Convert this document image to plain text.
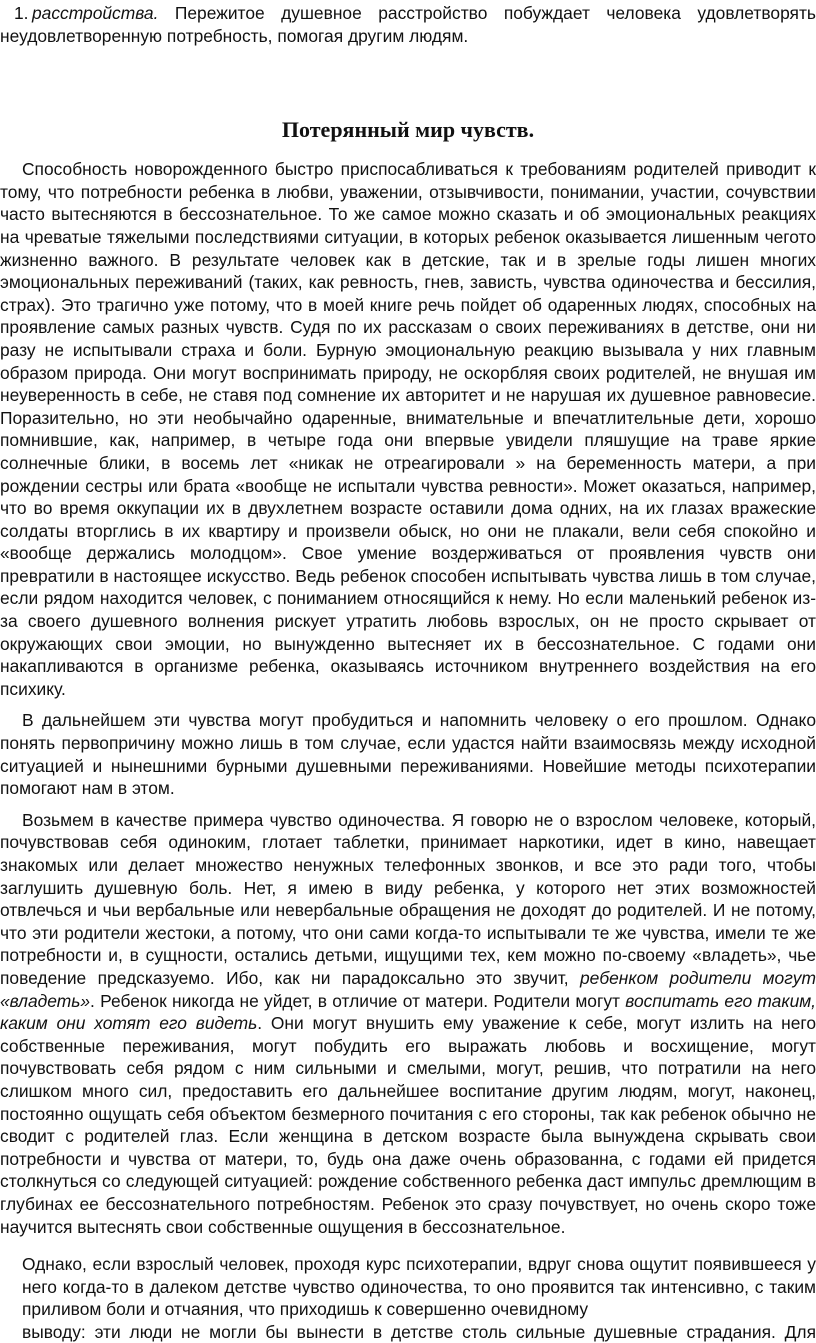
1. расстройства. Пережитое душевное расстройство побуждает человека удовлетворять неудовлетворенную потребность, помогая другим людям.

Потерянный мир чувств.

Способность новорожденного быстро приспосабливаться к требованиям родителей приводит к тому, что потребности ребенка в любви, уважении, отзывчивости, понимании, участии, сочувствии часто вытесняются в бессознательное. То же самое можно сказать и об эмоциональных реакциях на чреватые тяжелыми последствиями ситуации, в которых ребенок оказывается лишенным чегото жизненно важного. В результате человек как в детские, так и в зрелые годы лишен многих эмоциональных переживаний (таких, как ревность, гнев, зависть, чувства одиночества и бессилия, страх). Это трагично уже потому, что в моей книге речь пойдет об одаренных людях, способных на проявление самых разных чувств. Судя по их рассказам о своих переживаниях в детстве, они ни разу не испытывали страха и боли. Бурную эмоциональную реакцию вызывала у них главным образом природа. Они могут воспринимать природу, не оскорбляя своих родителей, не внушая им неуверенность в себе, не ставя под сомнение их авторитет и не нарушая их душевное равновесие. Поразительно, но эти необычайно одаренные, внимательные и впечатлительные дети, хорошо помнившие, как, например, в четыре года они впервые увидели пляшущие на траве яркие солнечные блики, в восемь лет «никак не отреагировали » на беременность матери, а при рождении сестры или брата «вообще не испытали чувства ревности». Может оказаться, например, что во время оккупации их в двухлетнем возрасте оставили дома одних, на их глазах вражеские солдаты вторглись в их квартиру и произвели обыск, но они не плакали, вели себя спокойно и «вообще держались молодцом». Свое умение воздерживаться от проявления чувств они превратили в настоящее искусство. Ведь ребенок способен испытывать чувства лишь в том случае, если рядом находится человек, с пониманием относящийся к нему. Но если маленький ребенок из-за своего душевного волнения рискует утратить любовь взрослых, он не просто скрывает от окружающих свои эмоции, но вынужденно вытесняет их в бессознательное. С годами они накапливаются в организме ребенка, оказываясь источником внутреннего воздействия на его психику.

В дальнейшем эти чувства могут пробудиться и напомнить человеку о его прошлом. Однако понять первопричину можно лишь в том случае, если удастся найти взаимосвязь между исходной ситуацией и нынешними бурными душевными переживаниями. Новейшие методы психотерапии помогают нам в этом.

Возьмем в качестве примера чувство одиночества. Я говорю не о взрослом человеке, который, почувствовав себя одиноким, глотает таблетки, принимает наркотики, идет в кино, навещает знакомых или делает множество ненужных телефонных звонков, и все это ради того, чтобы заглушить душевную боль. Нет, я имею в виду ребенка, у которого нет этих возможностей отвлечься и чьи вербальные или невербальные обращения не доходят до родителей. И не потому, что эти родители жестоки, а потому, что они сами когда-то испытывали те же чувства, имели те же потребности и, в сущности, остались детьми, ищущими тех, кем можно по-своему «владеть», чье поведение предсказуемо. Ибо, как ни парадоксально это звучит, ребенком родители могут «владеть». Ребенок никогда не уйдет, в отличие от матери. Родители могут воспитать его таким, каким они хотят его видеть. Они могут внушить ему уважение к себе, могут излить на него собственные переживания, могут побудить его выражать любовь и восхищение, могут почувствовать себя рядом с ним сильными и смелыми, могут, решив, что потратили на него слишком много сил, предоставить его дальнейшее воспитание другим людям, могут, наконец, постоянно ощущать себя объектом безмерного почитания с его стороны, так как ребенок обычно не сводит с родителей глаз. Если женщина в детском возрасте была вынуждена скрывать свои потребности и чувства от матери, то, будь она даже очень образованна, с годами ей придется столкнуться со следующей ситуацией: рождение собственного ребенка даст импульс дремлющим в глубинах ее бессознательного потребностям. Ребенок это сразу почувствует, но очень скоро тоже научится вытеснять свои собственные ощущения в бессознательное.

Однако, если взрослый человек, проходя курс психотерапии, вдруг снова ощутит появившееся у него когда-то в далеком детстве чувство одиночества, то оно проявится так интенсивно, с таким приливом боли и отчаяния, что приходишь к совершенно очевидному
выводу: эти люди не могли бы вынести в детстве столь сильные душевные страдания. Для
